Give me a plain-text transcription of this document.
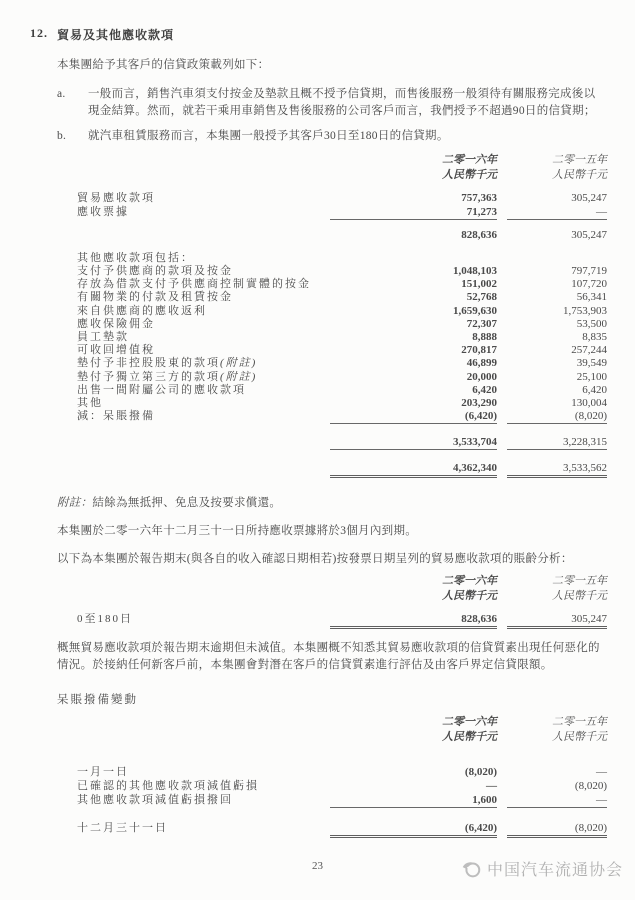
12. 貿易及其他應收款項

本集團給予其客戶的信貸政策載列如下：

a.	一般而言，銷售汽車須支付按金及墊款且概不授予信貸期，而售後服務一般須待有關服務完成後以現金結算。然而，就若干乘用車銷售及售後服務的公司客戶而言，我們授予不超過90日的信貸期；
b.	就汽車租賃服務而言，本集團一般授予其客戶30日至180日的信貸期。
二零一六年	二零一五年
人民幣千元	人民幣千元
貿易應收款項	757,363	305,247
應收票據	71,273	—
828,636	305,247
其他應收款項包括：
支付予供應商的款項及按金	1,048,103	797,719
存放為借款支付予供應商控制實體的按金	151,002	107,720
有關物業的付款及租賃按金	52,768	56,341
來自供應商的應收返利	1,659,630	1,753,903
應收保險佣金	72,307	53,500
員工墊款	8,888	8,835
可收回增值稅	270,817	257,244
墊付予非控股股東的款項(附註)	46,899	39,549
墊付予獨立第三方的款項(附註)	20,000	25,100
出售一間附屬公司的應收款項	6,420	6,420
其他	203,290	130,004
減：呆賬撥備	(6,420)	(8,020)
3,533,704	3,228,315
4,362,340	3,533,562

附註：結餘為無抵押、免息及按要求償還。

本集團於二零一六年十二月三十一日所持應收票據將於3個月內到期。

以下為本集團於報告期末(與各自的收入確認日期相若)按發票日期呈列的貿易應收款項的賬齡分析：

二零一六年	二零一五年
人民幣千元	人民幣千元
0至180日	828,636	305,247

概無貿易應收款項於報告期末逾期但未減值。本集團概不知悉其貿易應收款項的信貸質素出現任何惡化的情況。於接納任何新客戶前，本集團會對潛在客戶的信貸質素進行評估及由客戶界定信貸限額。

呆賬撥備變動

二零一六年	二零一五年
人民幣千元	人民幣千元
一月一日	(8,020)	—
已確認的其他應收款項減值虧損	—	(8,020)
其他應收款項減值虧損撥回	1,600	—
十二月三十一日	(6,420)	(8,020)
23	中国汽车流通协会
